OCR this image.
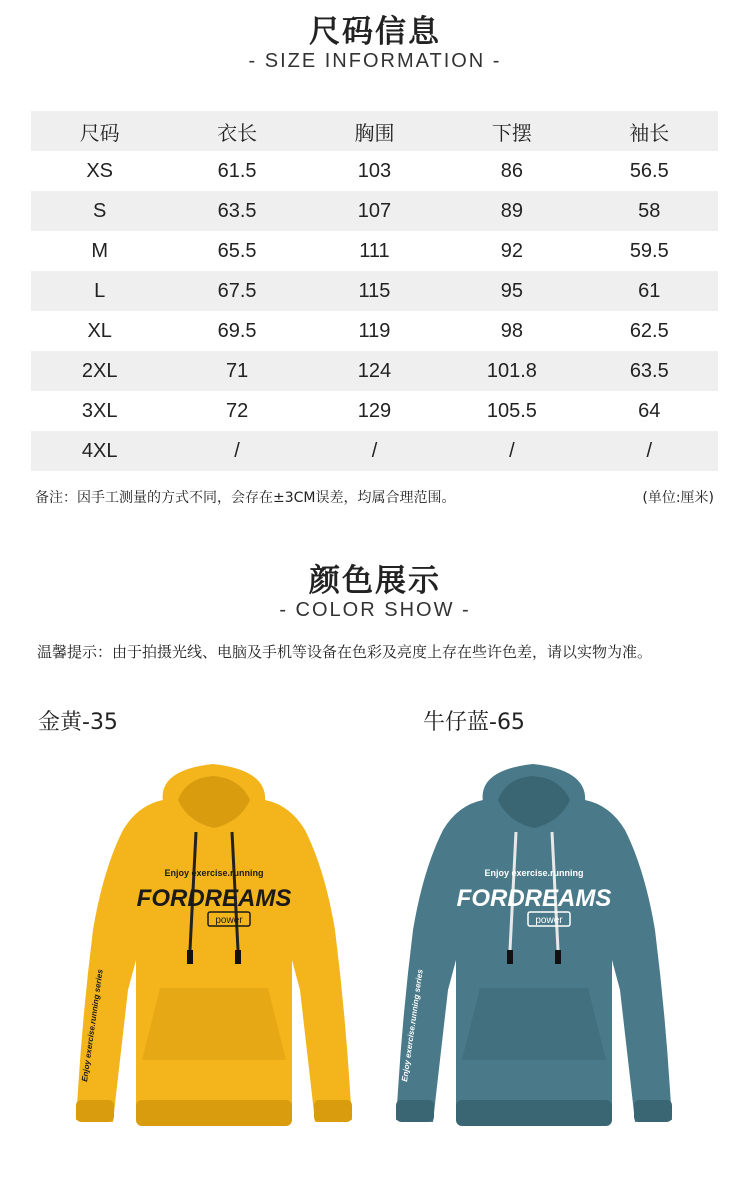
尺码信息
- SIZE INFORMATION -
尺码	衣长	胸围	下摆	袖长
XS	61.5	103	86	56.5
S	63.5	107	89	58
M	65.5	111	92	59.5
L	67.5	115	95	61
XL	69.5	119	98	62.5
2XL	71	124	101.8	63.5
3XL	72	129	105.5	64
4XL	/	/	/	/
备注：因手工测量的方式不同，会存在±3CM误差，均属合理范围。	(单位:厘米)
颜色展示
- COLOR SHOW -
温馨提示：由于拍摄光线、电脑及手机等设备在色彩及亮度上存在些许色差，请以实物为准。
金黄-35	牛仔蓝-65
Enjoy exercise.running
FORDREAMS
power
Enjoy exercise.running series
Enjoy exercise.running
FORDREAMS
power
Enjoy exercise.running series
